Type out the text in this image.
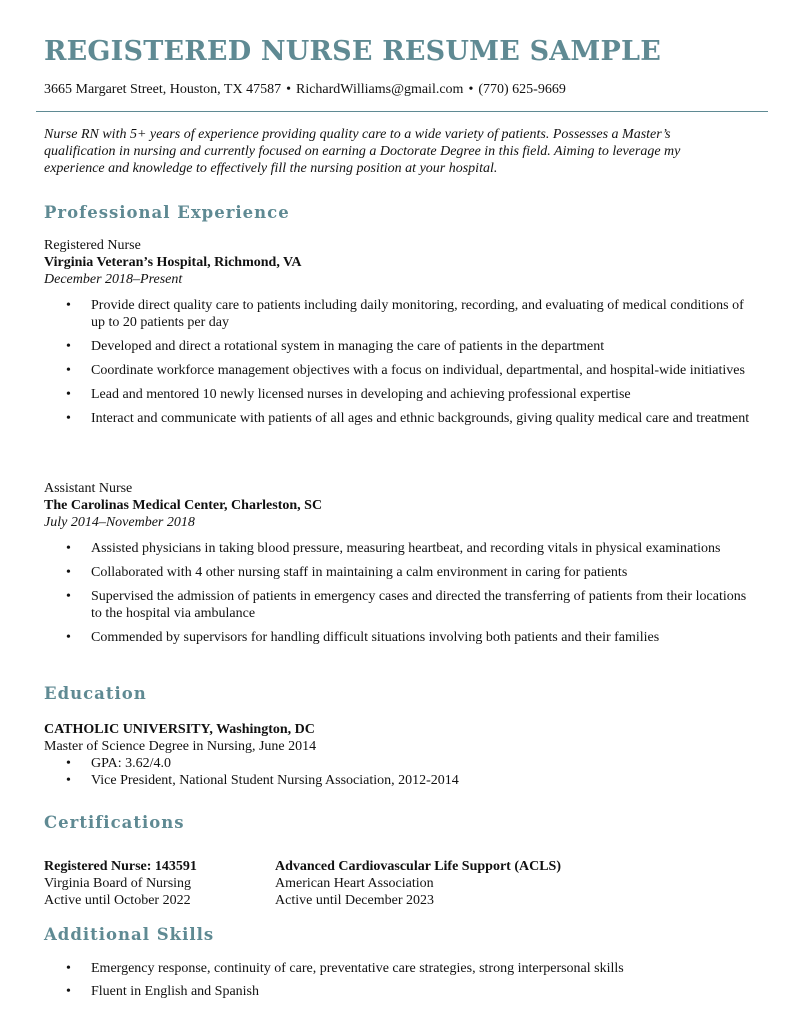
REGISTERED NURSE RESUME SAMPLE
3665 Margaret Street, Houston, TX 47587 • RichardWilliams@gmail.com • (770) 625-9669

Nurse RN with 5+ years of experience providing quality care to a wide variety of patients. Possesses a Master’s qualification in nursing and currently focused on earning a Doctorate Degree in this field. Aiming to leverage my experience and knowledge to effectively fill the nursing position at your hospital.

Professional Experience
Registered Nurse
Virginia Veteran’s Hospital, Richmond, VA
December 2018–Present
• Provide direct quality care to patients including daily monitoring, recording, and evaluating of medical conditions of up to 20 patients per day
• Developed and direct a rotational system in managing the care of patients in the department
• Coordinate workforce management objectives with a focus on individual, departmental, and hospital-wide initiatives
• Lead and mentored 10 newly licensed nurses in developing and achieving professional expertise
• Interact and communicate with patients of all ages and ethnic backgrounds, giving quality medical care and treatment
Assistant Nurse
The Carolinas Medical Center, Charleston, SC
July 2014–November 2018
• Assisted physicians in taking blood pressure, measuring heartbeat, and recording vitals in physical examinations
• Collaborated with 4 other nursing staff in maintaining a calm environment in caring for patients
• Supervised the admission of patients in emergency cases and directed the transferring of patients from their locations to the hospital via ambulance
• Commended by supervisors for handling difficult situations involving both patients and their families
Education
CATHOLIC UNIVERSITY, Washington, DC
Master of Science Degree in Nursing, June 2014
• GPA: 3.62/4.0
• Vice President, National Student Nursing Association, 2012-2014
Certifications
Registered Nurse: 143591
Virginia Board of Nursing
Active until October 2022
Advanced Cardiovascular Life Support (ACLS)
American Heart Association
Active until December 2023
Additional Skills
• Emergency response, continuity of care, preventative care strategies, strong interpersonal skills
• Fluent in English and Spanish
